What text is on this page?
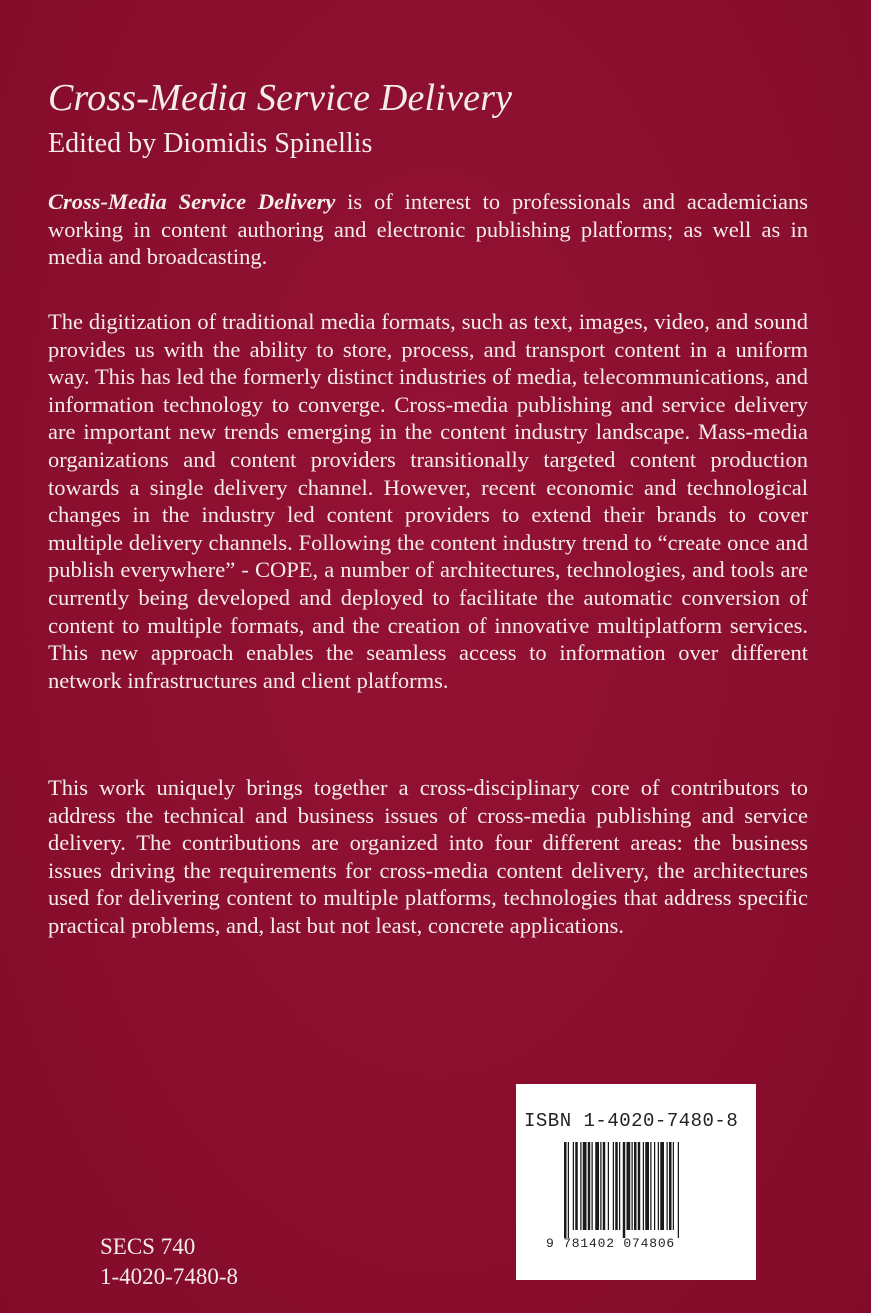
Cross-Media Service Delivery
Edited by Diomidis Spinellis

Cross-Media Service Delivery is of interest to professionals and academicians working in content authoring and electronic publishing platforms; as well as in media and broadcasting.

The digitization of traditional media formats, such as text, images, video, and sound provides us with the ability to store, process, and transport content in a uniform way. This has led the formerly distinct industries of media, telecommunications, and information technology to converge. Cross-media publishing and service delivery are important new trends emerging in the content industry landscape. Mass-media organizations and content providers transitionally targeted content production towards a single delivery channel. However, recent economic and technological changes in the industry led content providers to extend their brands to cover multiple delivery channels. Following the content industry trend to “create once and publish everywhere” - COPE, a number of architectures, technologies, and tools are currently being developed and deployed to facilitate the automatic conversion of content to multiple formats, and the creation of innovative multiplatform services. This new approach enables the seamless access to information over different network infrastructures and client platforms.

This work uniquely brings together a cross-disciplinary core of contributors to address the technical and business issues of cross-media publishing and service delivery. The contributions are organized into four different areas: the business issues driving the requirements for cross-media content delivery, the architectures used for delivering content to multiple platforms, technologies that address specific practical problems, and, last but not least, concrete applications.

SECS 740
1-4020-7480-8
ISBN 1-4020-7480-8
9 781402 074806
